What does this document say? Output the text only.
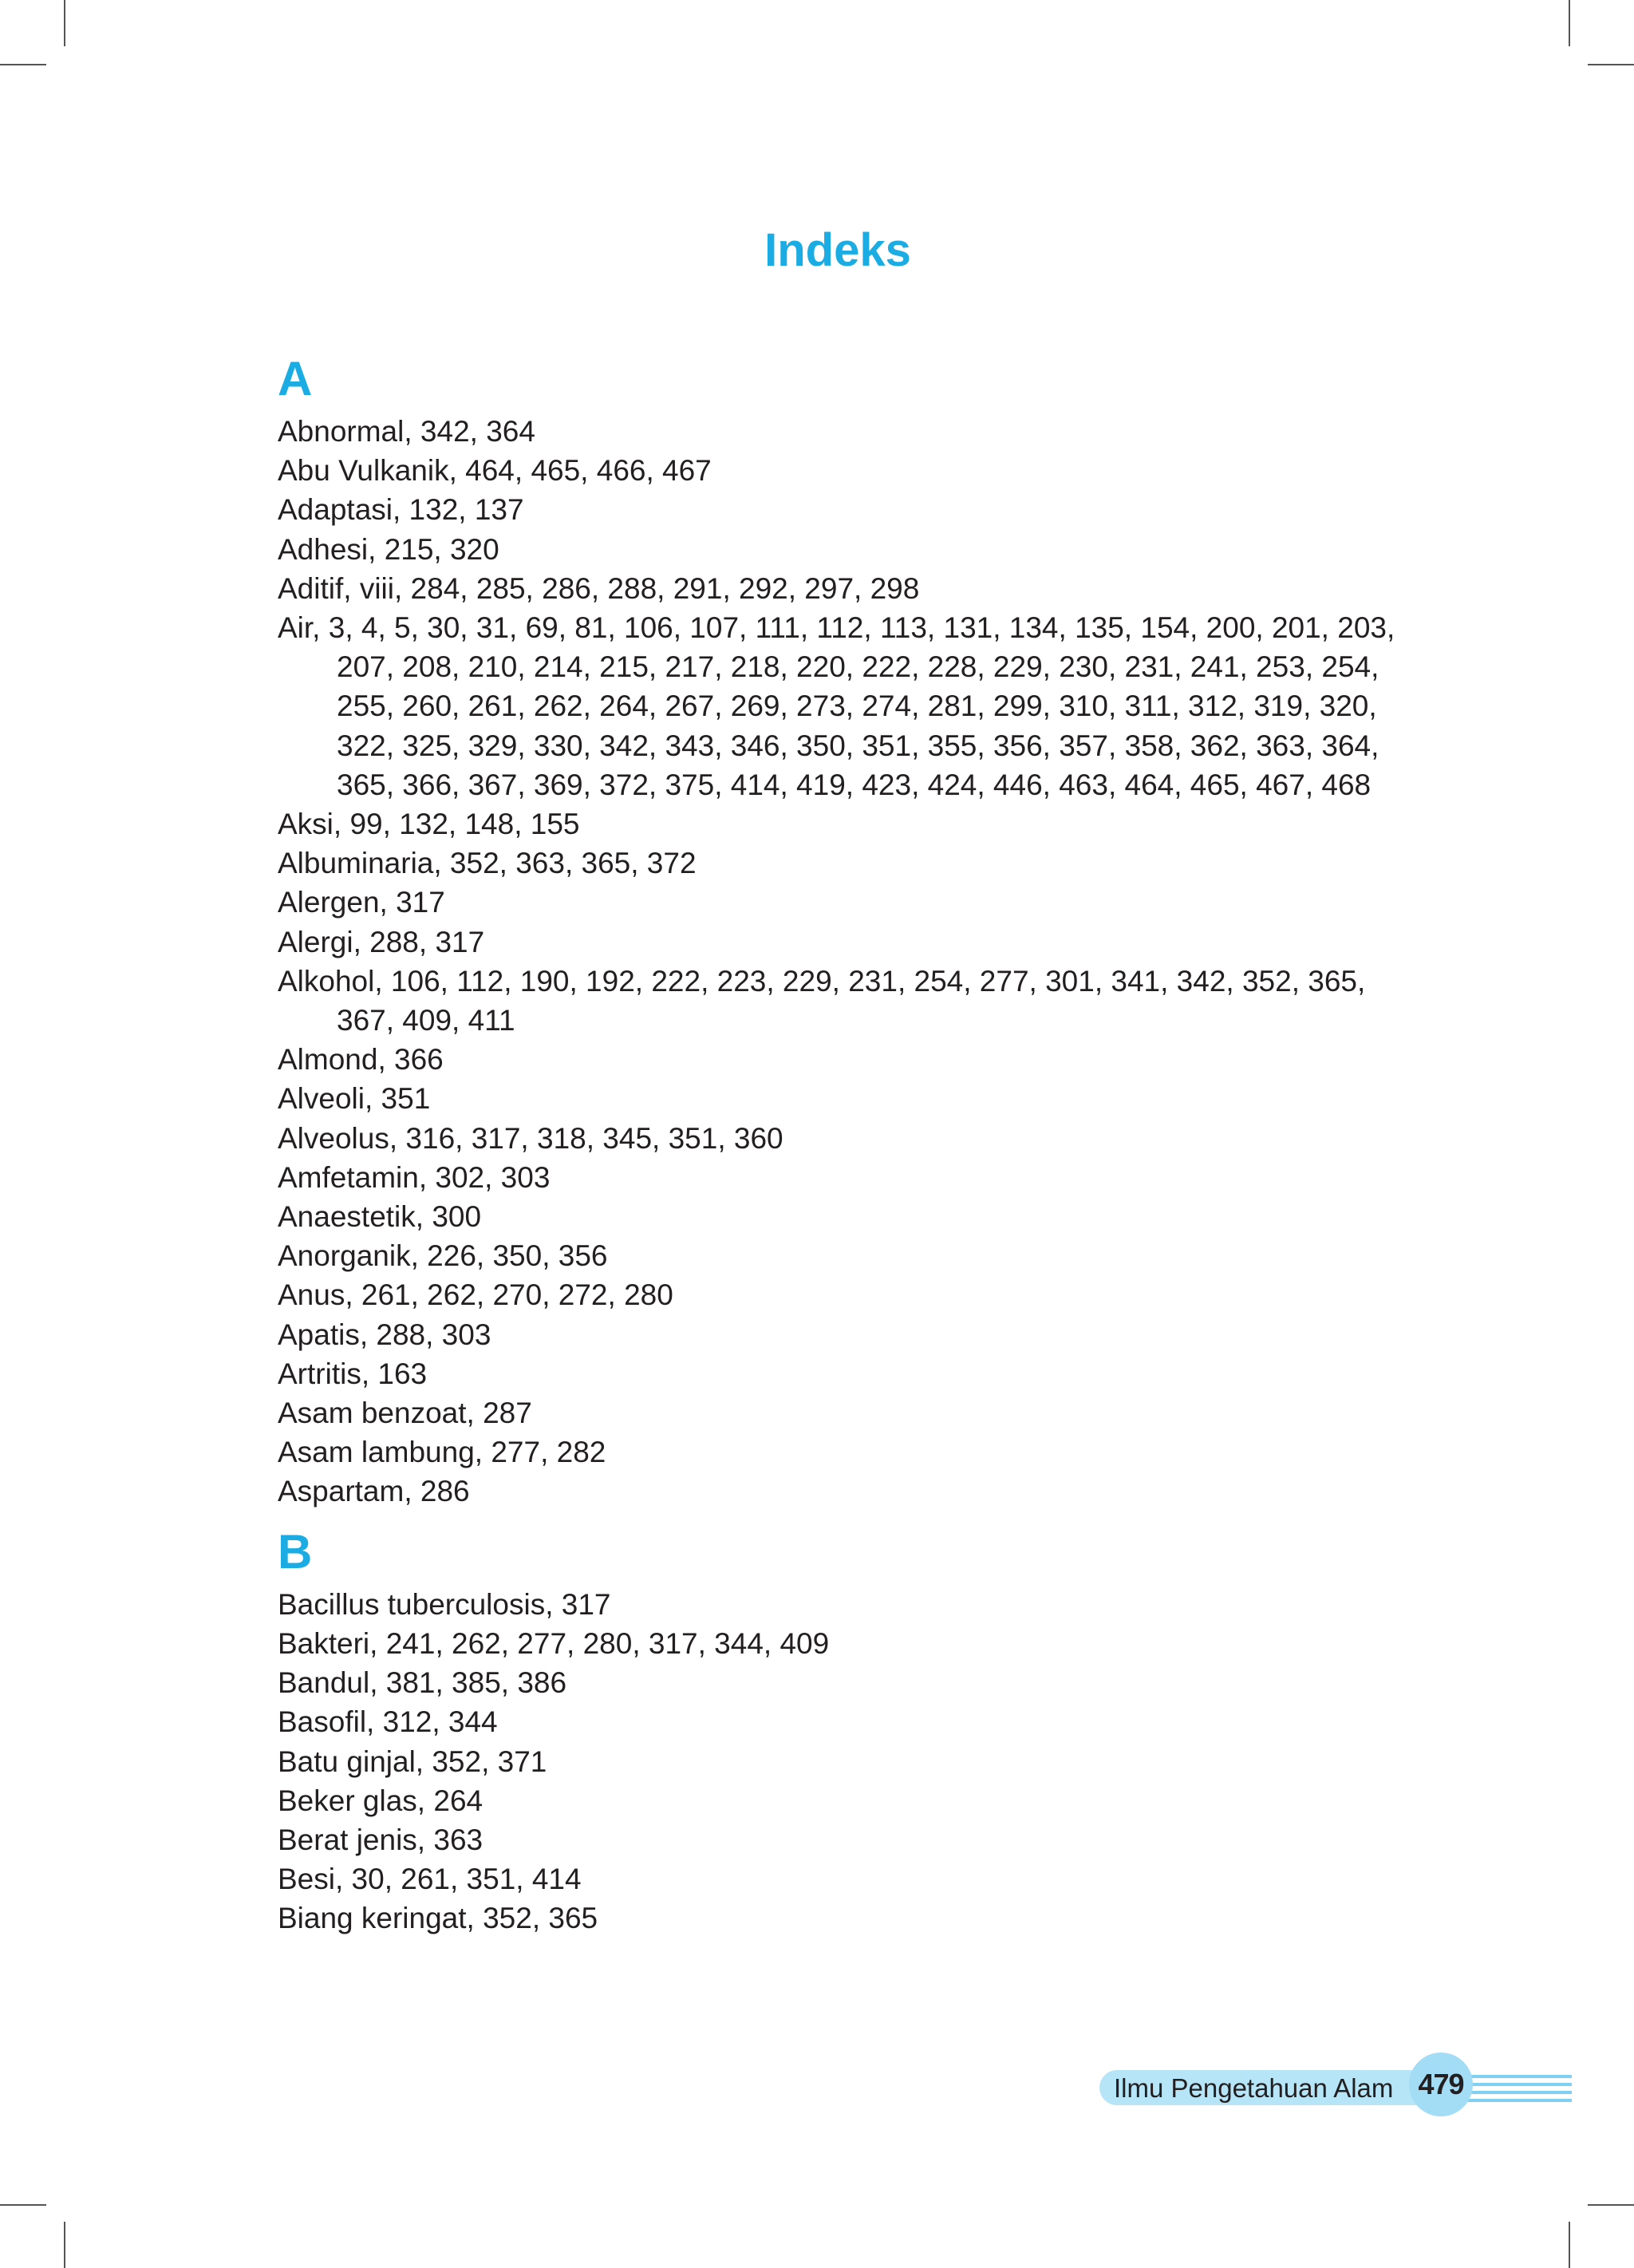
Indeks
A
Abnormal, 342, 364
Abu Vulkanik, 464, 465, 466, 467
Adaptasi, 132, 137
Adhesi, 215, 320
Aditif, viii, 284, 285, 286, 288, 291, 292, 297, 298
Air, 3, 4, 5, 30, 31, 69, 81, 106, 107, 111, 112, 113, 131, 134, 135, 154, 200, 201, 203, 207, 208, 210, 214, 215, 217, 218, 220, 222, 228, 229, 230, 231, 241, 253, 254, 255, 260, 261, 262, 264, 267, 269, 273, 274, 281, 299, 310, 311, 312, 319, 320, 322, 325, 329, 330, 342, 343, 346, 350, 351, 355, 356, 357, 358, 362, 363, 364, 365, 366, 367, 369, 372, 375, 414, 419, 423, 424, 446, 463, 464, 465, 467, 468
Aksi, 99, 132, 148, 155
Albuminaria, 352, 363, 365, 372
Alergen, 317
Alergi, 288, 317
Alkohol, 106, 112, 190, 192, 222, 223, 229, 231, 254, 277, 301, 341, 342, 352, 365, 367, 409, 411
Almond, 366
Alveoli, 351
Alveolus, 316, 317, 318, 345, 351, 360
Amfetamin, 302, 303
Anaestetik, 300
Anorganik, 226, 350, 356
Anus, 261, 262, 270, 272, 280
Apatis, 288, 303
Artritis, 163
Asam benzoat, 287
Asam lambung, 277, 282
Aspartam, 286
B
Bacillus tuberculosis, 317
Bakteri, 241, 262, 277, 280, 317, 344, 409
Bandul, 381, 385, 386
Basofil, 312, 344
Batu ginjal, 352, 371
Beker glas, 264
Berat jenis, 363
Besi, 30, 261, 351, 414
Biang keringat, 352, 365
Ilmu Pengetahuan Alam 479
